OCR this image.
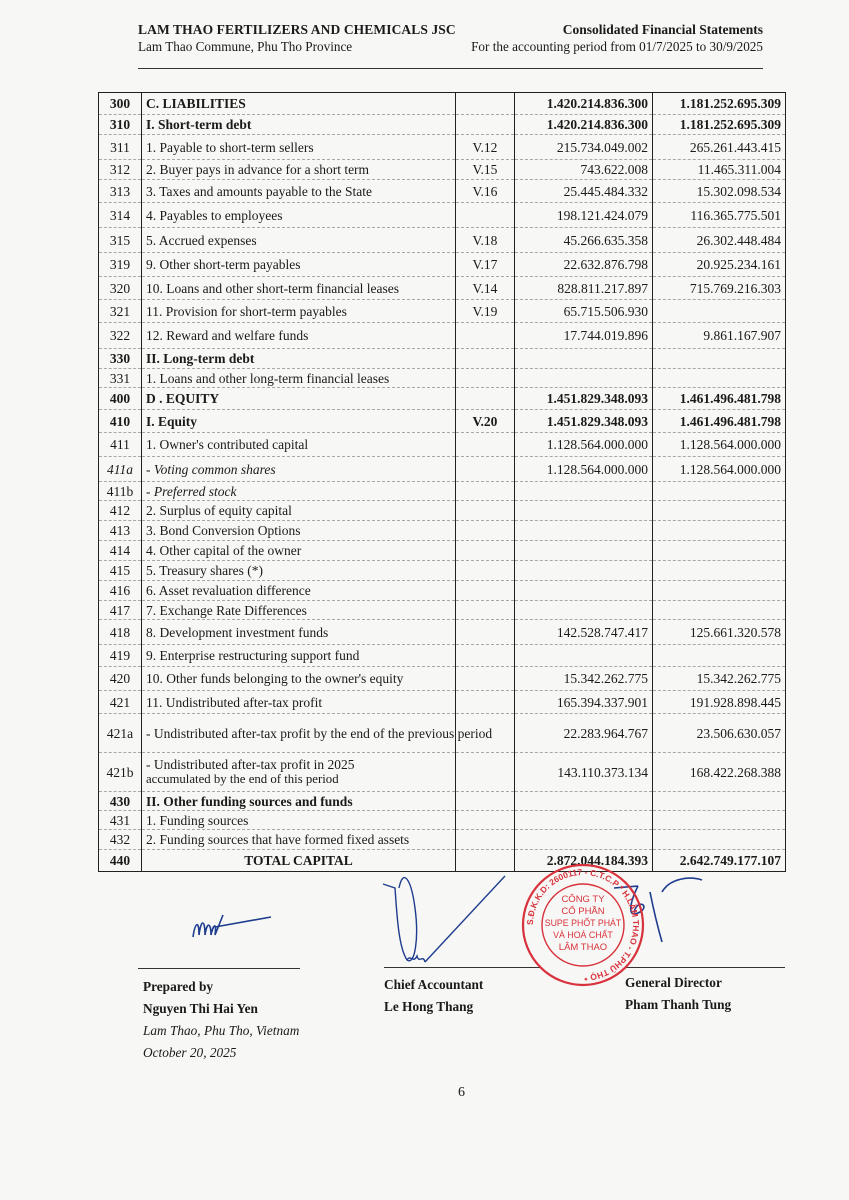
LAM THAO FERTILIZERS AND CHEMICALS JSC	Consolidated Financial Statements
Lam Thao Commune, Phu Tho Province	For the accounting period from 01/7/2025 to 30/9/2025
300	C. LIABILITIES		1.420.214.836.300	1.181.252.695.309
310	I. Short-term debt		1.420.214.836.300	1.181.252.695.309
311	1. Payable to short-term sellers	V.12	215.734.049.002	265.261.443.415
312	2. Buyer pays in advance for a short term	V.15	743.622.008	11.465.311.004
313	3. Taxes and amounts payable to the State	V.16	25.445.484.332	15.302.098.534
314	4. Payables to employees		198.121.424.079	116.365.775.501
315	5. Accrued expenses	V.18	45.266.635.358	26.302.448.484
319	9. Other short-term payables	V.17	22.632.876.798	20.925.234.161
320	10. Loans and other short-term financial leases	V.14	828.811.217.897	715.769.216.303
321	11. Provision for short-term payables	V.19	65.715.506.930	
322	12. Reward and welfare funds		17.744.019.896	9.861.167.907
330	II. Long-term debt			
331	1. Loans and other long-term financial leases			
400	D . EQUITY		1.451.829.348.093	1.461.496.481.798
410	I. Equity	V.20	1.451.829.348.093	1.461.496.481.798
411	1. Owner's contributed capital		1.128.564.000.000	1.128.564.000.000
411a	- Voting common shares		1.128.564.000.000	1.128.564.000.000
411b	- Preferred stock			
412	2. Surplus of equity capital			
413	3. Bond Conversion Options			
414	4. Other capital of the owner			
415	5. Treasury shares (*)			
416	6. Asset revaluation difference			
417	7. Exchange Rate Differences			
418	8. Development investment funds		142.528.747.417	125.661.320.578
419	9. Enterprise restructuring support fund			
420	10. Other funds belonging to the owner's equity		15.342.262.775	15.342.262.775
421	11. Undistributed after-tax profit		165.394.337.901	191.928.898.445
421a	- Undistributed after-tax profit by the end of the previous period		22.283.964.767	23.506.630.057
421b	- Undistributed after-tax profit in 2025
accumulated by the end of this period		143.110.373.134	168.422.268.388
430	II. Other funding sources and funds			
431	1. Funding sources			
432	2. Funding sources that have formed fixed assets			
440	TOTAL CAPITAL		2.872.044.184.393	2.642.749.177.107
S.Đ.K.K.D: 2600117 - C.T.C.P * H.LÂM THAO - T.PHÚ THỌ *
CÔNG TY
CỔ PHẦN
SUPE PHỐT PHÁT
VÀ HOÁ CHẤT
LÂM THAO
Prepared by
Nguyen Thi Hai Yen
Lam Thao, Phu Tho, Vietnam
October 20, 2025
Chief Accountant
Le Hong Thang
General Director
Pham Thanh Tung
6
